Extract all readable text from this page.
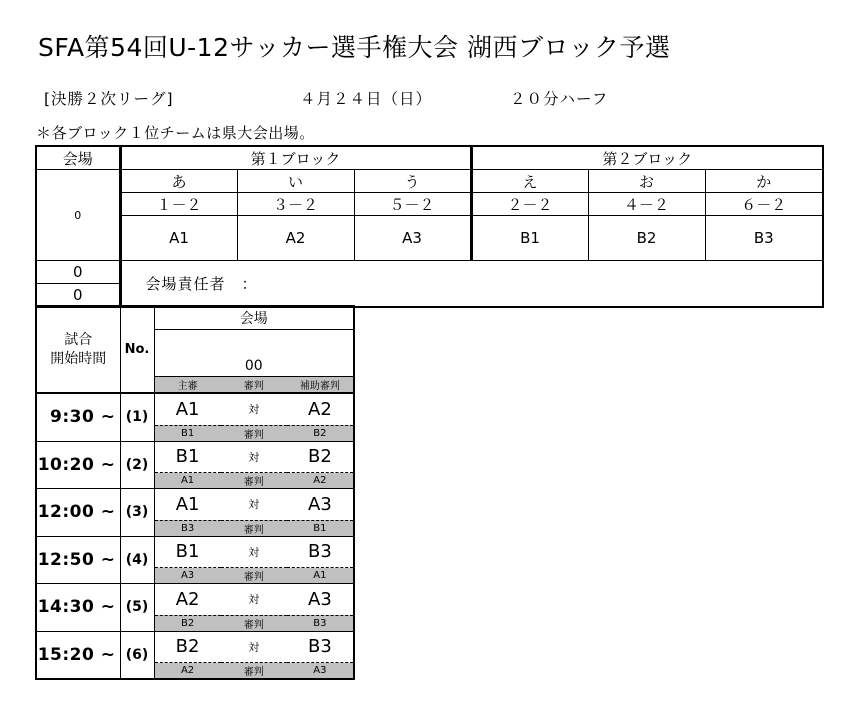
SFA第54回U-12サッカー選手権大会 湖西ブロック予選
[決勝２次リーグ]	４月２４日（日）	２０分ハーフ
＊各ブロック１位チームは県大会出場。
会場	第１ブロック			第２ブロック		
0	あ	い	う	え	お	か
	１－２	３－２	５－２	２－２	４－２	６－２
	A1	A2	A3	B1	B2	B3
0	会場責任者　：					
0						
試合
開始時間	No.	会場
00

主審	審判	補助審判

9:30 ~	(1)	A1	対	A2
B1	審判	B2

10:20 ~	(2)	B1	対	B2
A1	審判	A2

12:00 ~	(3)	A1	対	A3
B3	審判	B1

12:50 ~	(4)	B1	対	B3
A3	審判	A1

14:30 ~	(5)	A2	対	A3
B2	審判	B3

15:20 ~	(6)	B2	対	B3
A2	審判	A3
